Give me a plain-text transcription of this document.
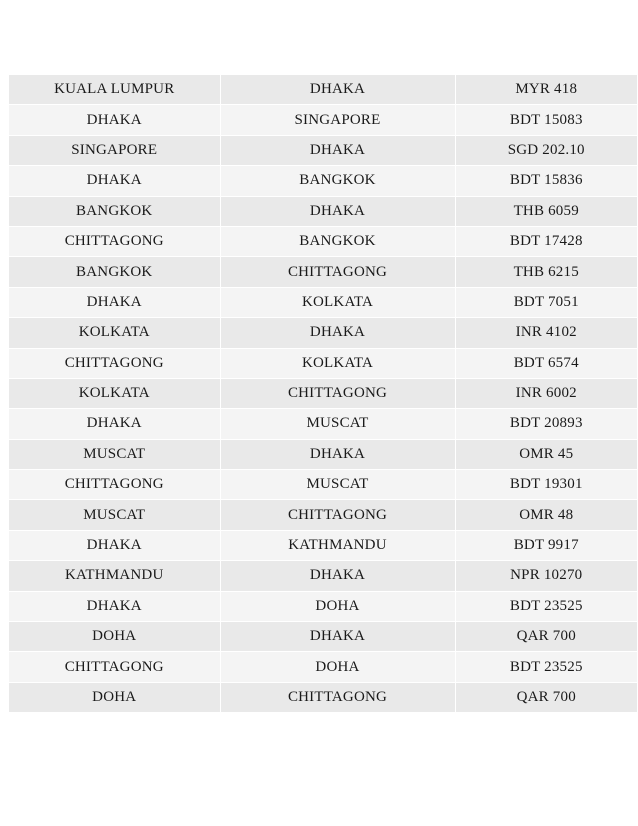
KUALA LUMPUR	DHAKA	MYR 418
DHAKA	SINGAPORE	BDT 15083
SINGAPORE	DHAKA	SGD 202.10
DHAKA	BANGKOK	BDT 15836
BANGKOK	DHAKA	THB 6059
CHITTAGONG	BANGKOK	BDT 17428
BANGKOK	CHITTAGONG	THB 6215
DHAKA	KOLKATA	BDT 7051
KOLKATA	DHAKA	INR 4102
CHITTAGONG	KOLKATA	BDT 6574
KOLKATA	CHITTAGONG	INR 6002
DHAKA	MUSCAT	BDT 20893
MUSCAT	DHAKA	OMR 45
CHITTAGONG	MUSCAT	BDT 19301
MUSCAT	CHITTAGONG	OMR 48
DHAKA	KATHMANDU	BDT 9917
KATHMANDU	DHAKA	NPR 10270
DHAKA	DOHA	BDT 23525
DOHA	DHAKA	QAR 700
CHITTAGONG	DOHA	BDT 23525
DOHA	CHITTAGONG	QAR 700
